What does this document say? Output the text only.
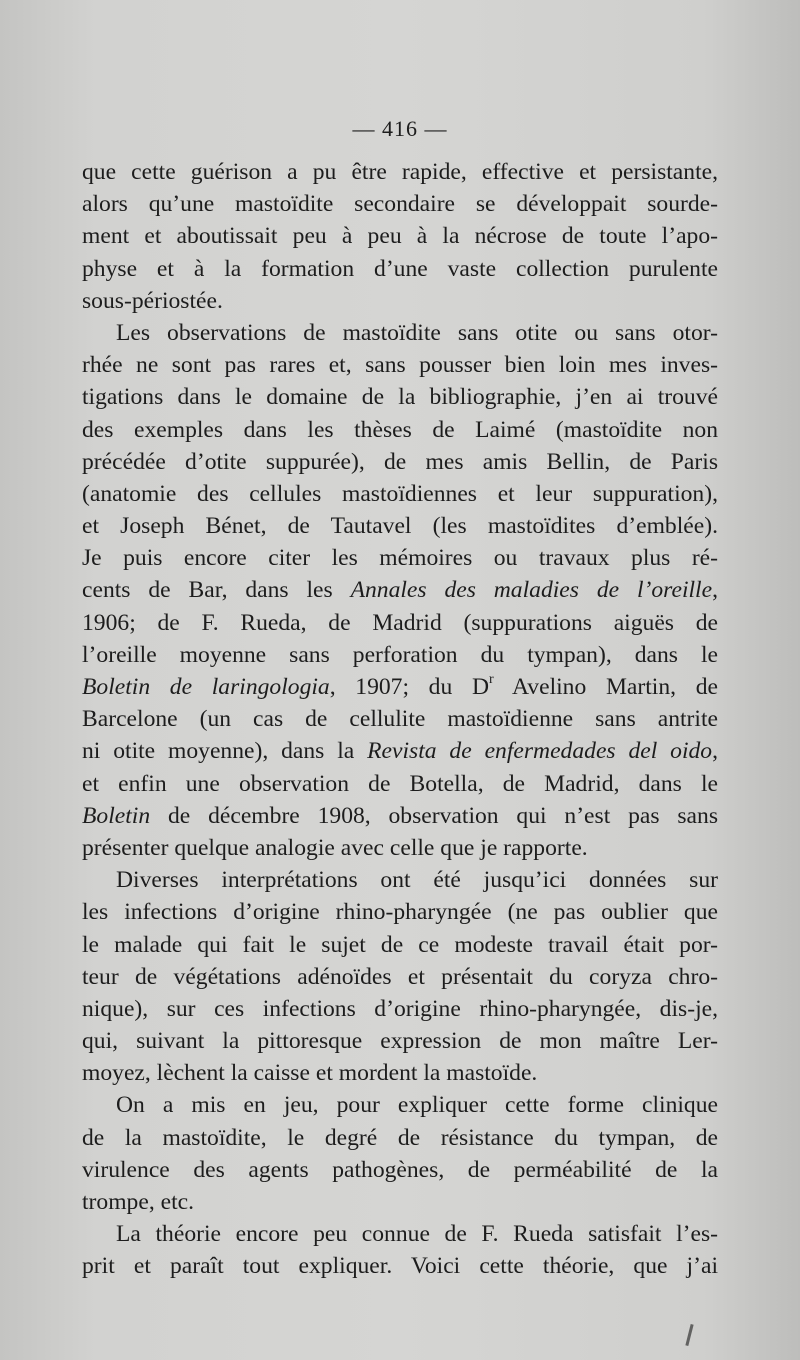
— 416 —
que cette guérison a pu être rapide, effective et persistante,
alors qu’une mastoïdite secondaire se développait sourde-
ment et aboutissait peu à peu à la nécrose de toute l’apo-
physe et à la formation d’une vaste collection purulente
sous-périostée.
Les observations de mastoïdite sans otite ou sans otor-
rhée ne sont pas rares et, sans pousser bien loin mes inves-
tigations dans le domaine de la bibliographie, j’en ai trouvé
des exemples dans les thèses de Laimé (mastoïdite non
précédée d’otite suppurée), de mes amis Bellin, de Paris
(anatomie des cellules mastoïdiennes et leur suppuration),
et Joseph Bénet, de Tautavel (les mastoïdites d’emblée).
Je puis encore citer les mémoires ou travaux plus ré-
cents de Bar, dans les Annales des maladies de l’oreille,
1906; de F. Rueda, de Madrid (suppurations aiguës de
l’oreille moyenne sans perforation du tympan), dans le
Boletin de laringologia, 1907; du $D^r$ Avelino Martin, de
Barcelone (un cas de cellulite mastoïdienne sans antrite
ni otite moyenne), dans la Revista de enfermedades del oido,
et enfin une observation de Botella, de Madrid, dans le
Boletin de décembre 1908, observation qui n’est pas sans
présenter quelque analogie avec celle que je rapporte.
Diverses interprétations ont été jusqu’ici données sur
les infections d’origine rhino-pharyngée (ne pas oublier que
le malade qui fait le sujet de ce modeste travail était por-
teur de végétations adénoïdes et présentait du coryza chro-
nique), sur ces infections d’origine rhino-pharyngée, dis-je,
qui, suivant la pittoresque expression de mon maître Ler-
moyez, lèchent la caisse et mordent la mastoïde.
On a mis en jeu, pour expliquer cette forme clinique
de la mastoïdite, le degré de résistance du tympan, de
virulence des agents pathogènes, de perméabilité de la
trompe, etc.
La théorie encore peu connue de F. Rueda satisfait l’es-
prit et paraît tout expliquer. Voici cette théorie, que j’ai
